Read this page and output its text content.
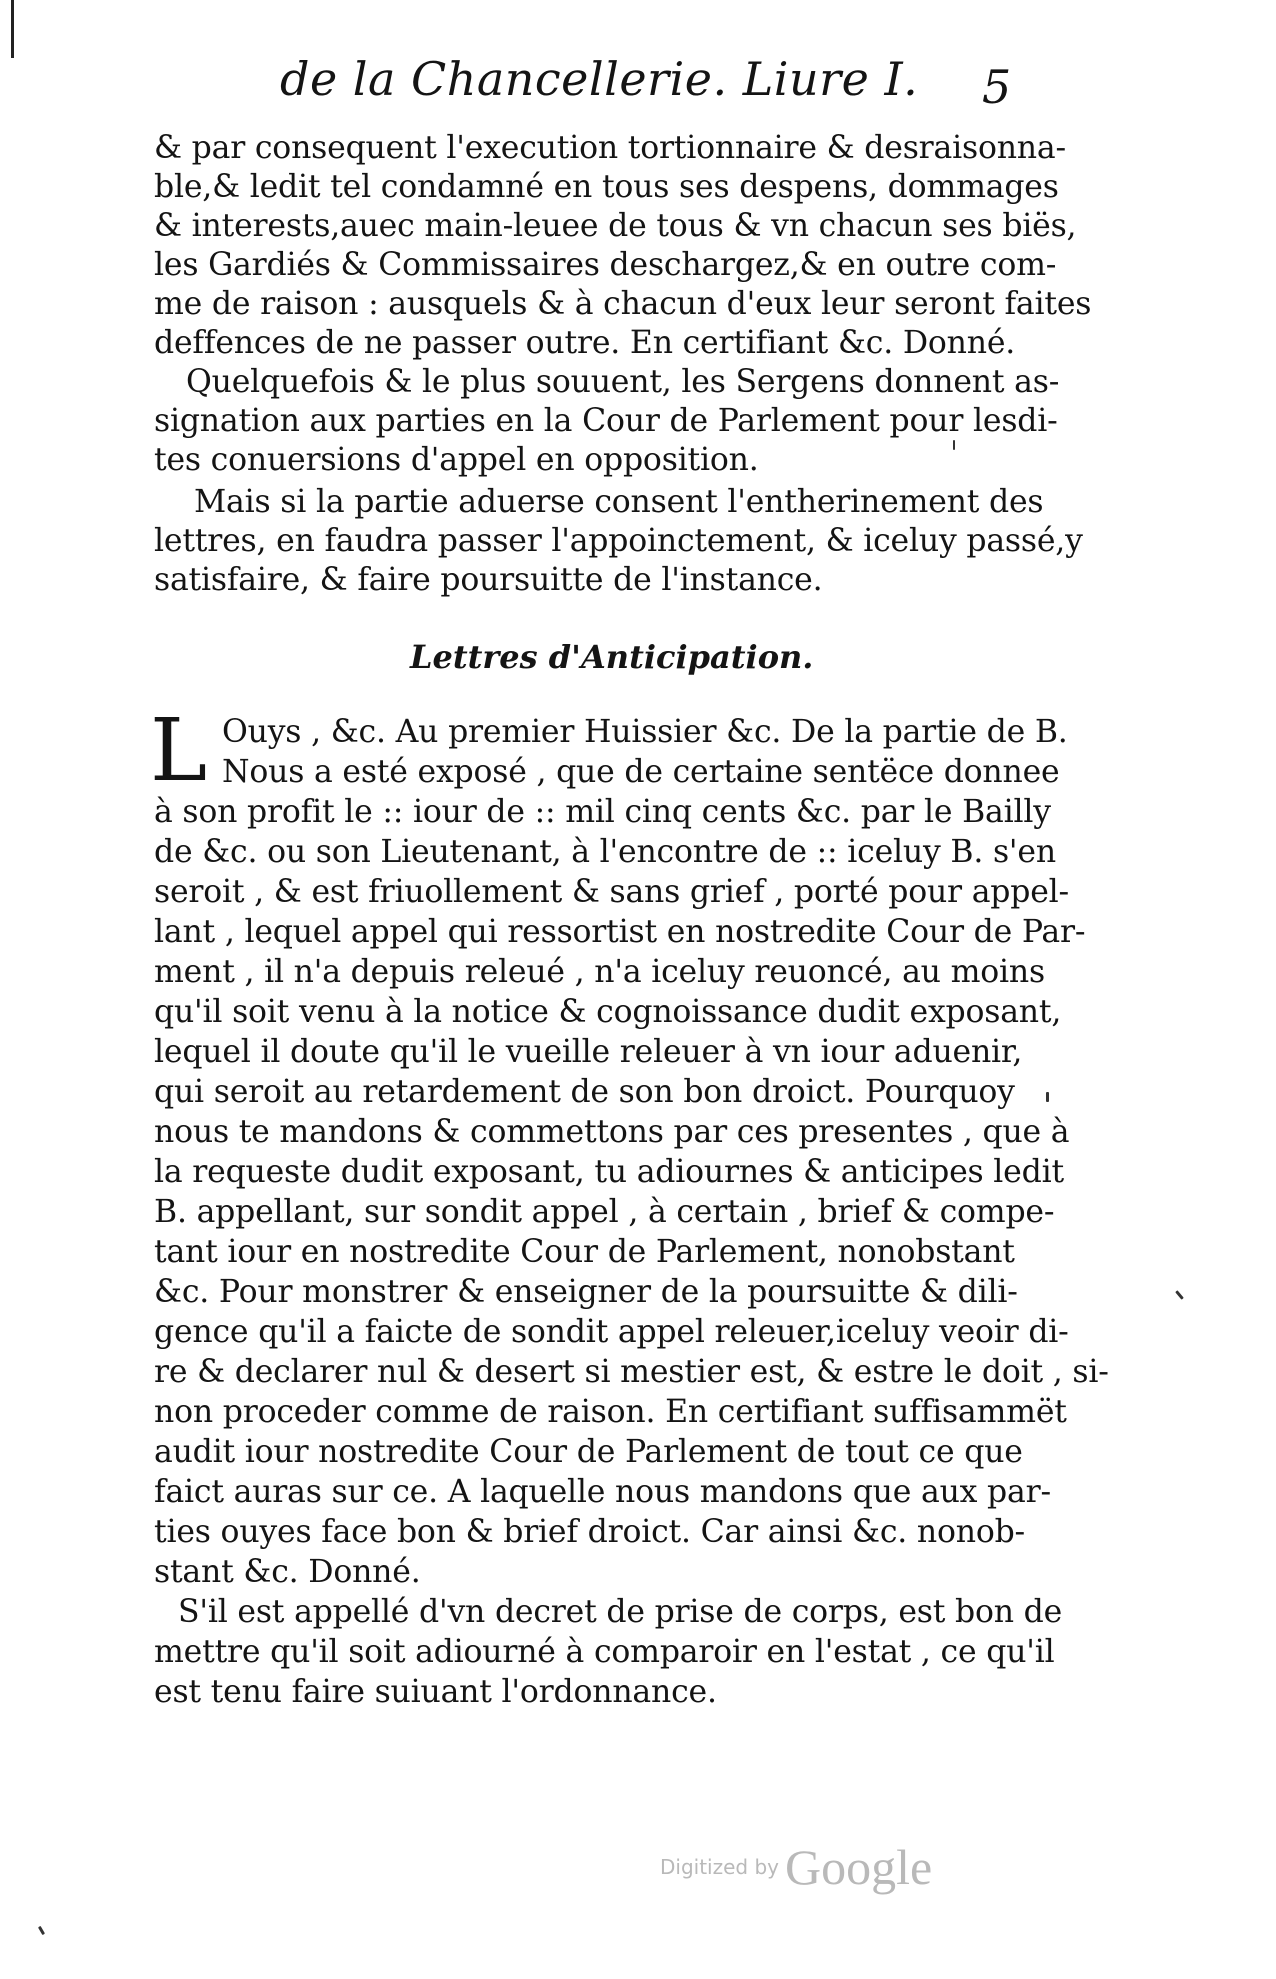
de la Chancellerie. Liure I. 5
& par consequent l'execution tortionnaire & desraisonna-
ble,& ledit tel condamné en tous ses despens, dommages
& interests,auec main-leuee de tous & vn chacun ses biës,
les Gardiés & Commissaires deschargez,& en outre com-
me de raison : ausquels & à chacun d'eux leur seront faites
deffences de ne passer outre. En certifiant &c. Donné.
Quelquefois & le plus souuent, les Sergens donnent as-
signation aux parties en la Cour de Parlement pour lesdi-
tes conuersions d'appel en opposition.
Mais si la partie aduerse consent l'entherinement des
lettres, en faudra passer l'appoinctement, & iceluy passé,y
satisfaire, & faire poursuitte de l'instance.
Lettres d'Anticipation.
L Ouys , &c. Au premier Huissier &c. De la partie de B.
Nous a esté exposé , que de certaine sentëce donnee
à son profit le :: iour de :: mil cinq cents &c. par le Bailly
de &c. ou son Lieutenant, à l'encontre de :: iceluy B. s'en
seroit , & est friuollement & sans grief , porté pour appel-
lant , lequel appel qui ressortist en nostredite Cour de Par-
ment , il n'a depuis releué , n'a iceluy reuoncé, au moins
qu'il soit venu à la notice & cognoissance dudit exposant,
lequel il doute qu'il le vueille releuer à vn iour aduenir,
qui seroit au retardement de son bon droict. Pourquoy
nous te mandons & commettons par ces presentes , que à
la requeste dudit exposant, tu adiournes & anticipes ledit
B. appellant, sur sondit appel , à certain , brief & compe-
tant iour en nostredite Cour de Parlement, nonobstant
&c. Pour monstrer & enseigner de la poursuitte & dili-
gence qu'il a faicte de sondit appel releuer,iceluy veoir di-
re & declarer nul & desert si mestier est, & estre le doit , si-
non proceder comme de raison. En certifiant suffisammët
audit iour nostredite Cour de Parlement de tout ce que
faict auras sur ce. A laquelle nous mandons que aux par-
ties ouyes face bon & brief droict. Car ainsi &c. nonob-
stant &c. Donné.
S'il est appellé d'vn decret de prise de corps, est bon de
mettre qu'il soit adiourné à comparoir en l'estat , ce qu'il
est tenu faire suiuant l'ordonnance.
Digitized by Google
